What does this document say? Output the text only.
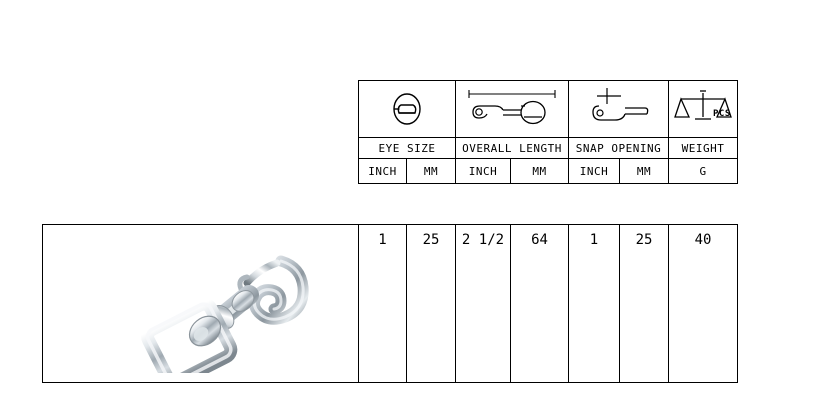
PCS

EYE SIZE		OVERALL LENGTH		SNAP OPENING		WEIGHT
INCH	MM	INCH	MM	INCH	MM	G

1	25	2 1/2	64	1	25	40
